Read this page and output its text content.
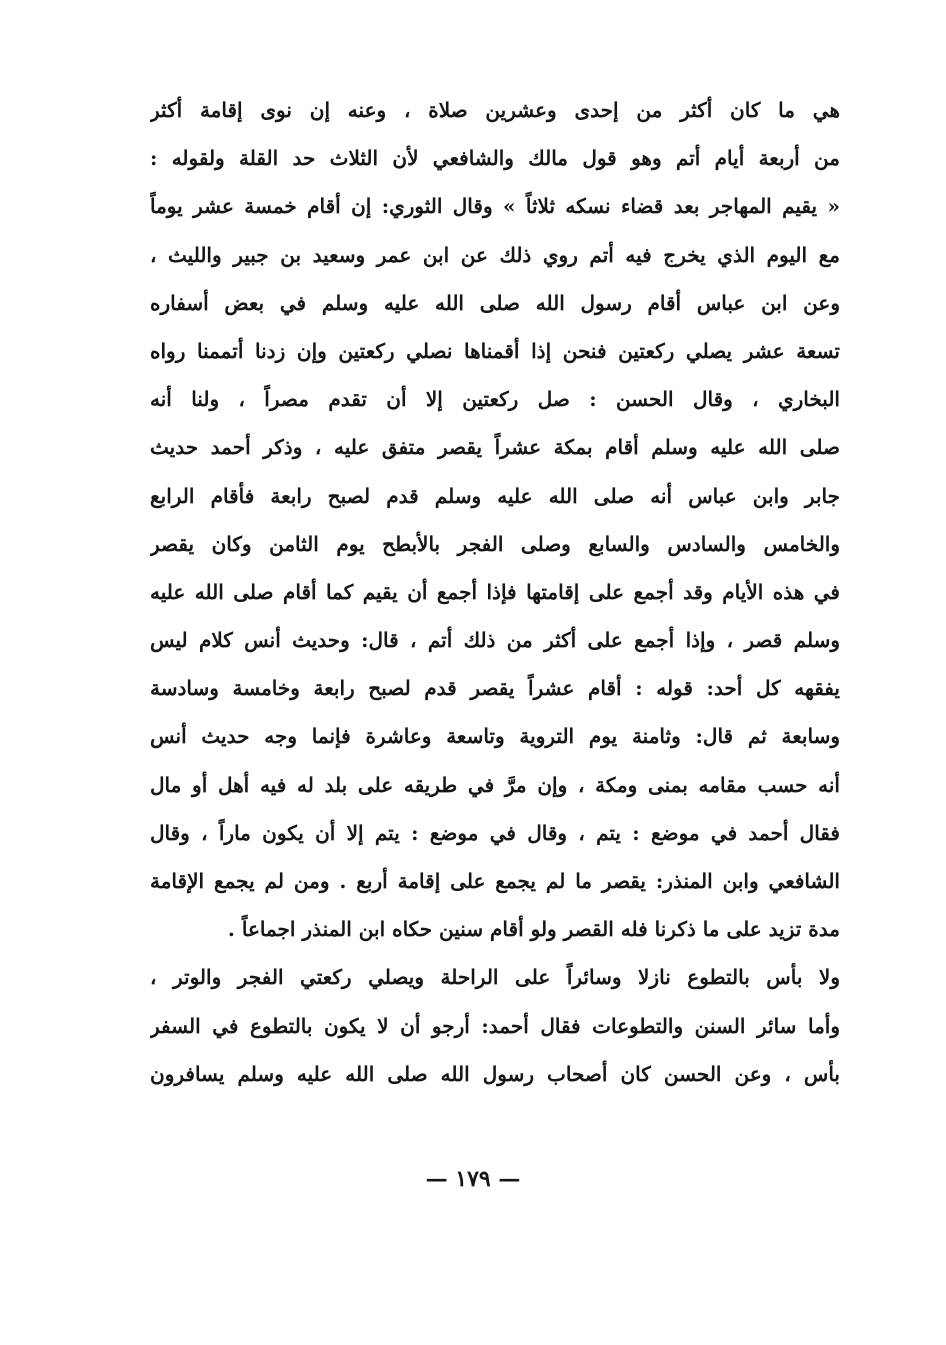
هي ما كان أكثر من إحدى وعشرين صلاة ، وعنه إن نوى إقامة أكثر
من أربعة أيام أتم وهو قول مالك والشافعي لأن الثلاث حد القلة ولقوله :
« يقيم المهاجر بعد قضاء نسكه ثلاثاً » وقال الثوري: إن أقام خمسة عشر يوماً
مع اليوم الذي يخرج فيه أتم روي ذلك عن ابن عمر وسعيد بن جبير والليث ،
وعن ابن عباس أقام رسول الله صلى الله عليه وسلم في بعض أسفاره
تسعة عشر يصلي ركعتين فنحن إذا أقمناها نصلي ركعتين وإن زدنا أتممنا رواه
البخاري ، وقال الحسن : صل ركعتين إلا أن تقدم مصراً ، ولنا أنه
صلى الله عليه وسلم أقام بمكة عشراً يقصر متفق عليه ، وذكر أحمد حديث
جابر وابن عباس أنه صلى الله عليه وسلم قدم لصبح رابعة فأقام الرابع
والخامس والسادس والسابع وصلى الفجر بالأبطح يوم الثامن وكان يقصر
في هذه الأيام وقد أجمع على إقامتها فإذا أجمع أن يقيم كما أقام صلى الله عليه
وسلم قصر ، وإذا أجمع على أكثر من ذلك أتم ، قال: وحديث أنس كلام ليس
يفقهه كل أحد: قوله : أقام عشراً يقصر قدم لصبح رابعة وخامسة وسادسة
وسابعة ثم قال: وثامنة يوم التروية وتاسعة وعاشرة فإنما وجه حديث أنس
أنه حسب مقامه بمنى ومكة ، وإن مرَّ في طريقه على بلد له فيه أهل أو مال
فقال أحمد في موضع : يتم ، وقال في موضع : يتم إلا أن يكون ماراً ، وقال
الشافعي وابن المنذر: يقصر ما لم يجمع على إقامة أربع . ومن لم يجمع الإقامة
مدة تزيد على ما ذكرنا فله القصر ولو أقام سنين حكاه ابن المنذر اجماعاً .
ولا بأس بالتطوع نازلا وسائراً على الراحلة ويصلي ركعتي الفجر والوتر ،
وأما سائر السنن والتطوعات فقال أحمد: أرجو أن لا يكون بالتطوع في السفر
بأس ، وعن الحسن كان أصحاب رسول الله صلى الله عليه وسلم يسافرون
— ١٧٩ —
